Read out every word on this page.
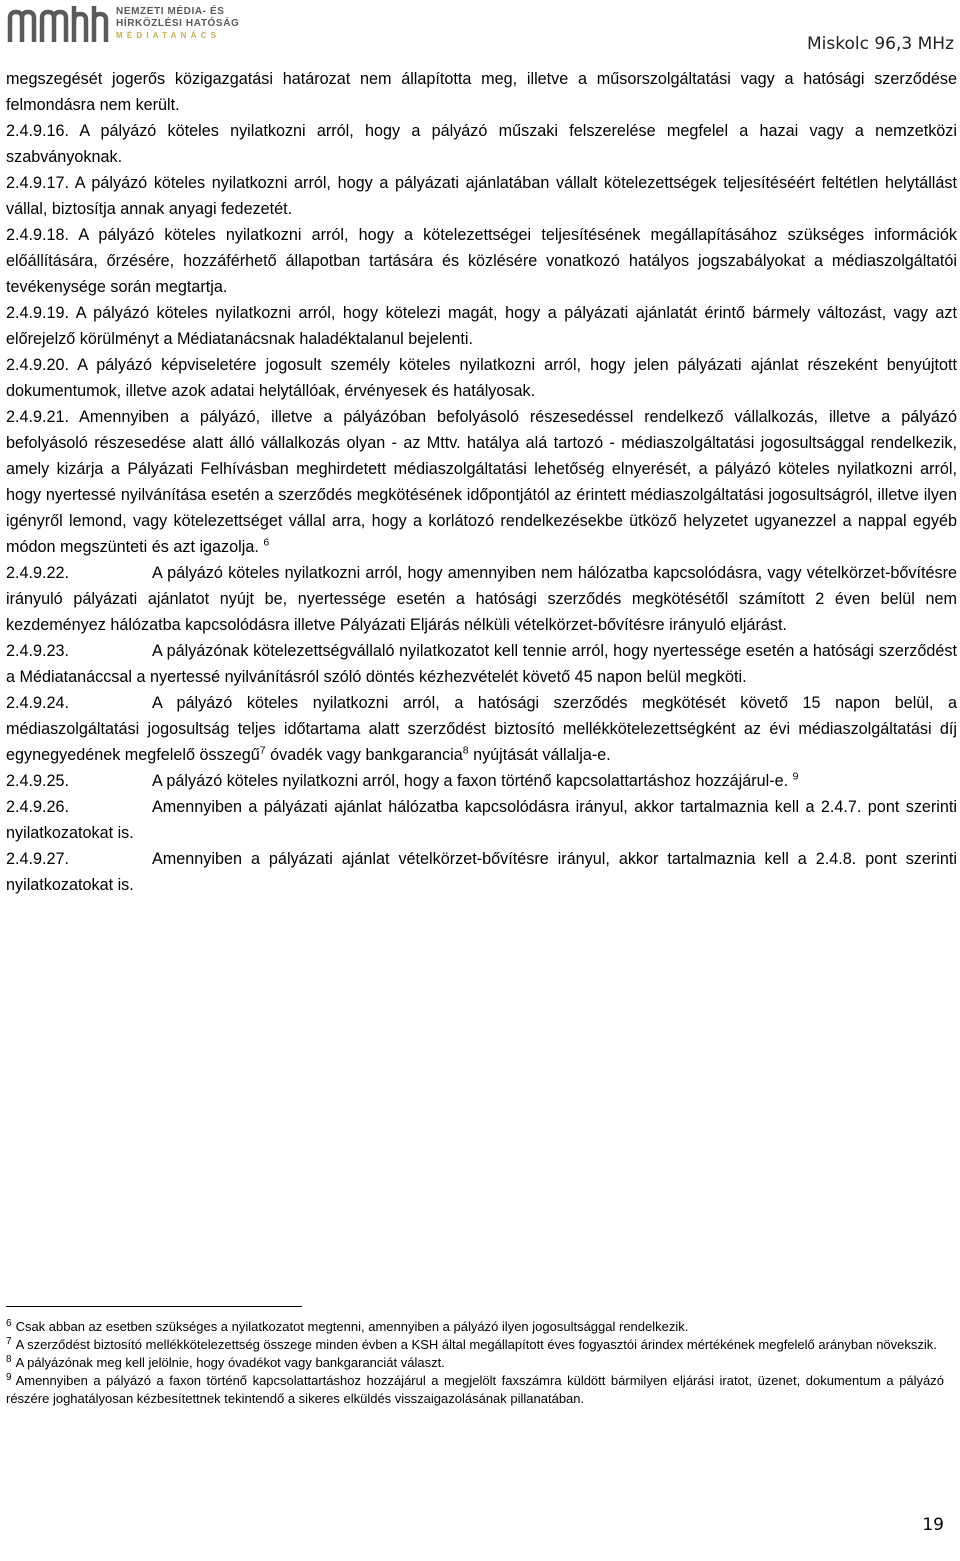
NEMZETI MÉDIA- ÉS
HÍRKÖZLÉSI HATÓSÁG
MÉDIATANÁCS	Miskolc 96,3 MHz

megszegését jogerős közigazgatási határozat nem állapította meg, illetve a műsorszolgáltatási vagy a hatósági szerződése felmondásra nem került.

2.4.9.16. A pályázó köteles nyilatkozni arról, hogy a pályázó műszaki felszerelése megfelel a hazai vagy a nemzetközi szabványoknak.

2.4.9.17. A pályázó köteles nyilatkozni arról, hogy a pályázati ajánlatában vállalt kötelezettségek teljesítéséért feltétlen helytállást vállal, biztosítja annak anyagi fedezetét.

2.4.9.18. A pályázó köteles nyilatkozni arról, hogy a kötelezettségei teljesítésének megállapításához szükséges információk előállítására, őrzésére, hozzáférhető állapotban tartására és közlésére vonatkozó hatályos jogszabályokat a médiaszolgáltatói tevékenysége során megtartja.

2.4.9.19. A pályázó köteles nyilatkozni arról, hogy kötelezi magát, hogy a pályázati ajánlatát érintő bármely változást, vagy azt előrejelző körülményt a Médiatanácsnak haladéktalanul bejelenti.

2.4.9.20. A pályázó képviseletére jogosult személy köteles nyilatkozni arról, hogy jelen pályázati ajánlat részeként benyújtott dokumentumok, illetve azok adatai helytállóak, érvényesek és hatályosak.

2.4.9.21. Amennyiben a pályázó, illetve a pályázóban befolyásoló részesedéssel rendelkező vállalkozás, illetve a pályázó befolyásoló részesedése alatt álló vállalkozás olyan - az Mttv. hatálya alá tartozó - médiaszolgáltatási jogosultsággal rendelkezik, amely kizárja a Pályázati Felhívásban meghirdetett médiaszolgáltatási lehetőség elnyerését, a pályázó köteles nyilatkozni arról, hogy nyertessé nyilvánítása esetén a szerződés megkötésének időpontjától az érintett médiaszolgáltatási jogosultságról, illetve ilyen igényről lemond, vagy kötelezettséget vállal arra, hogy a korlátozó rendelkezésekbe ütköző helyzetet ugyanezzel a nappal egyéb módon megszünteti és azt igazolja. $^6$

2.4.9.22.	A pályázó köteles nyilatkozni arról, hogy amennyiben nem hálózatba kapcsolódásra, vagy vételkörzet-bővítésre irányuló pályázati ajánlatot nyújt be, nyertessége esetén a hatósági szerződés megkötésétől számított 2 éven belül nem kezdeményez hálózatba kapcsolódásra illetve Pályázati Eljárás nélküli vételkörzet-bővítésre irányuló eljárást.

2.4.9.23.	A pályázónak kötelezettségvállaló nyilatkozatot kell tennie arról, hogy nyertessége esetén a hatósági szerződést a Médiatanáccsal a nyertessé nyilvánításról szóló döntés kézhezvételét követő 45 napon belül megköti.

2.4.9.24.	A pályázó köteles nyilatkozni arról, a hatósági szerződés megkötését követő 15 napon belül, a médiaszolgáltatási jogosultság teljes időtartama alatt szerződést biztosító mellékkötelezettségként az évi médiaszolgáltatási díj egynegyedének megfelelő összegű$^7$ óvadék vagy bankgarancia$^8$ nyújtását vállalja-e.

2.4.9.25.	A pályázó köteles nyilatkozni arról, hogy a faxon történő kapcsolattartáshoz hozzájárul-e. $^9$

2.4.9.26.	Amennyiben a pályázati ajánlat hálózatba kapcsolódásra irányul, akkor tartalmaznia kell a 2.4.7. pont szerinti nyilatkozatokat is.

2.4.9.27.	Amennyiben a pályázati ajánlat vételkörzet-bővítésre irányul, akkor tartalmaznia kell a 2.4.8. pont szerinti nyilatkozatokat is.

$^6$ Csak abban az esetben szükséges a nyilatkozatot megtenni, amennyiben a pályázó ilyen jogosultsággal rendelkezik.

$^7$ A szerződést biztosító mellékkötelezettség összege minden évben a KSH által megállapított éves fogyasztói árindex mértékének megfelelő arányban növekszik.

$^8$ A pályázónak meg kell jelölnie, hogy óvadékot vagy bankgaranciát választ.

$^9$ Amennyiben a pályázó a faxon történő kapcsolattartáshoz hozzájárul a megjelölt faxszámra küldött bármilyen eljárási iratot, üzenet, dokumentum a pályázó részére joghatályosan kézbesítettnek tekintendő a sikeres elküldés visszaigazolásának pillanatában.

19
